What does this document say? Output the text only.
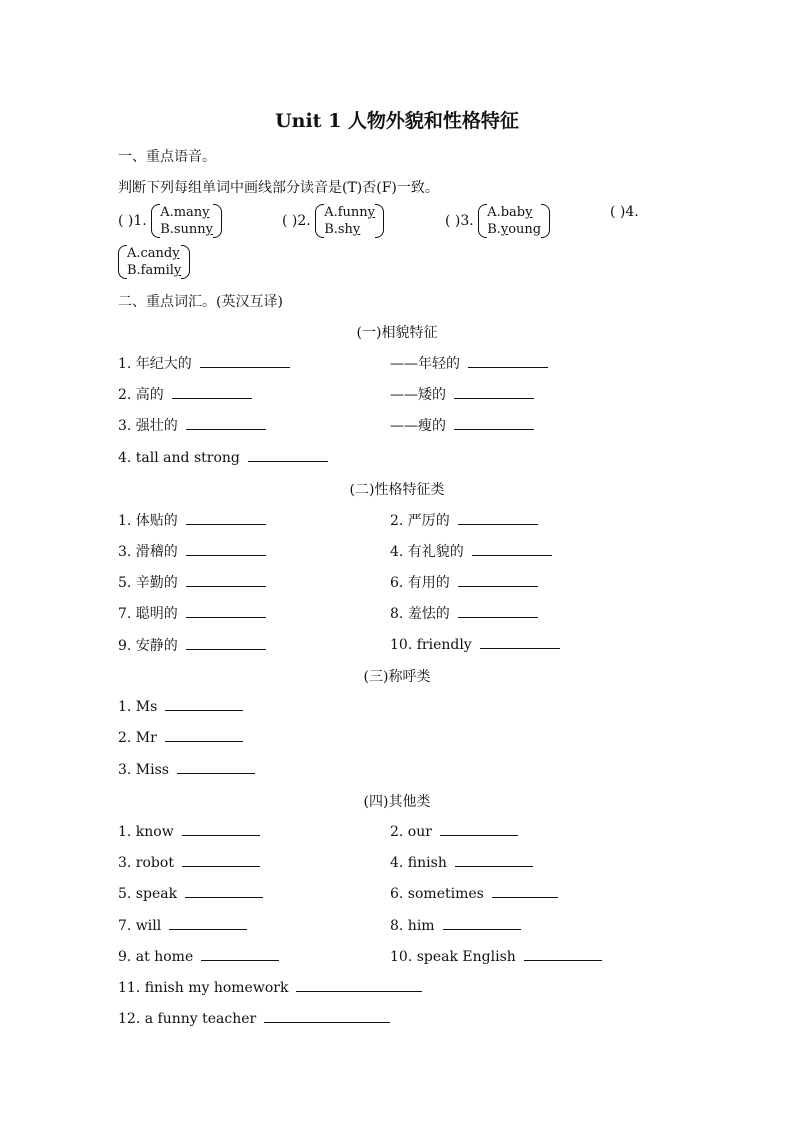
Unit 1 人物外貌和性格特征
一、重点语音。
判断下列每组单词中画线部分读音是(T)否(F)一致。
( )1. A.many
B.sunny
( )2. A.funny
B.shy
( )3. A.baby
B.young
( )4.
A.candy
B.family
二、重点词汇。(英汉互译)
(一)相貌特征
1. 年纪大的	——年轻的
2. 高的	——矮的
3. 强壮的	——瘦的
4. tall and strong
(二)性格特征类
1. 体贴的	2. 严厉的
3. 滑稽的	4. 有礼貌的
5. 辛勤的	6. 有用的
7. 聪明的	8. 羞怯的
9. 安静的	10. friendly
(三)称呼类
1. Ms
2. Mr
3. Miss
(四)其他类
1. know	2. our
3. robot	4. finish
5. speak	6. sometimes
7. will	8. him
9. at home	10. speak English
11. finish my homework
12. a funny teacher
